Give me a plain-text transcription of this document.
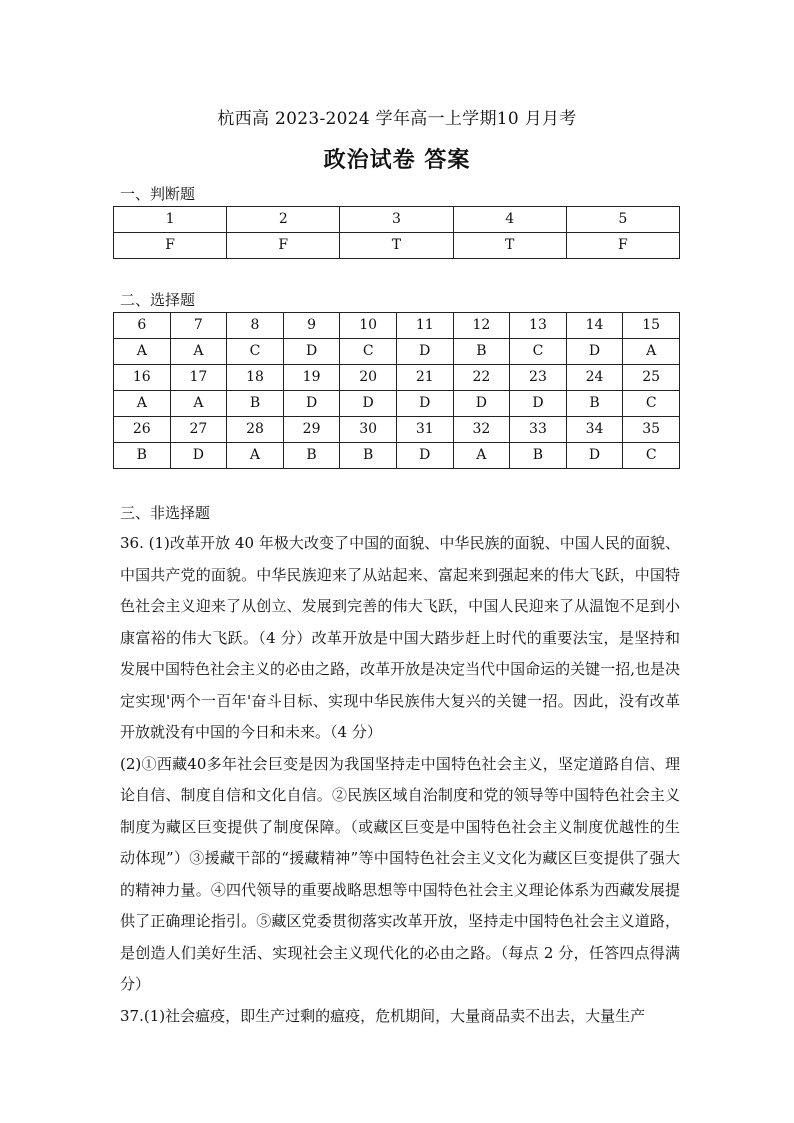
杭西高 2023-2024 学年高一上学期10 月月考
政治试卷 答案
一、判断题
1	2	3	4	5
F	F	T	T	F
二、选择题
6	7	8	9	10	11	12	13	14	15
A	A	C	D	C	D	B	C	D	A
16	17	18	19	20	21	22	23	24	25
A	A	B	D	D	D	D	D	B	C
26	27	28	29	30	31	32	33	34	35
B	D	A	B	B	D	A	B	D	C
三、非选择题

36. (1)改革开放 40 年极大改变了中国的面貌、中华民族的面貌、中国人民的面貌、中国共产党的面貌。中华民族迎来了从站起来、富起来到强起来的伟大飞跃，中国特色社会主义迎来了从创立、发展到完善的伟大飞跃，中国人民迎来了从温饱不足到小康富裕的伟大飞跃。（4 分）改革开放是中国大踏步赶上时代的重要法宝，是坚持和发展中国特色社会主义的必由之路，改革开放是决定当代中国命运的关键一招,也是决定实现'两个一百年'奋斗目标、实现中华民族伟大复兴的关键一招。因此，没有改革开放就没有中国的今日和未来。（4 分）

(2)①西藏40多年社会巨变是因为我国坚持走中国特色社会主义，坚定道路自信、理论自信、制度自信和文化自信。②民族区域自治制度和党的领导等中国特色社会主义制度为藏区巨变提供了制度保障。（或藏区巨变是中国特色社会主义制度优越性的生动体现”）③援藏干部的“援藏精神”等中国特色社会主义文化为藏区巨变提供了强大的精神力量。④四代领导的重要战略思想等中国特色社会主义理论体系为西藏发展提供了正确理论指引。⑤藏区党委贯彻落实改革开放，坚持走中国特色社会主义道路，是创造人们美好生活、实现社会主义现代化的必由之路。（每点 2 分，任答四点得满分）

37.(1)社会瘟疫，即生产过剩的瘟疫，危机期间，大量商品卖不出去，大量生产
